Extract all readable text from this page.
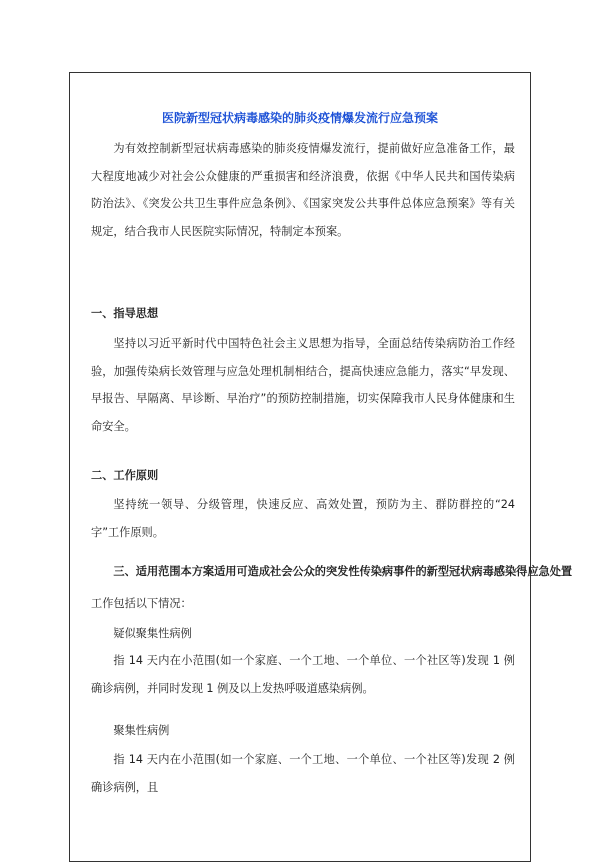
医院新型冠状病毒感染的肺炎疫情爆发流行应急预案

为有效控制新型冠状病毒感染的肺炎疫情爆发流行，提前做好应急准备工作，最大程度地减少对社会公众健康的严重损害和经济浪费，依据《中华人民共和国传染病防治法》、《突发公共卫生事件应急条例》、《国家突发公共事件总体应急预案》等有关规定，结合我市人民医院实际情况，特制定本预案。

一、指导思想

坚持以习近平新时代中国特色社会主义思想为指导，全面总结传染病防治工作经验，加强传染病长效管理与应急处理机制相结合，提高快速应急能力，落实“早发现、早报告、早隔离、早诊断、早治疗”的预防控制措施，切实保障我市人民身体健康和生命安全。

二、工作原则

坚持统一领导、分级管理，快速反应、高效处置，预防为主、群防群控的“24字”工作原则。

三、适用范围本方案适用可造成社会公众的突发性传染病事件的新型冠状病毒感染得应急处置
工作包括以下情况：
疑似聚集性病例

指 14 天内在小范围(如一个家庭、一个工地、一个单位、一个社区等)发现 1 例确诊病例，并同时发现 1 例及以上发热呼吸道感染病例。

聚集性病例

指 14 天内在小范围(如一个家庭、一个工地、一个单位、一个社区等)发现 2 例确诊病例，且
